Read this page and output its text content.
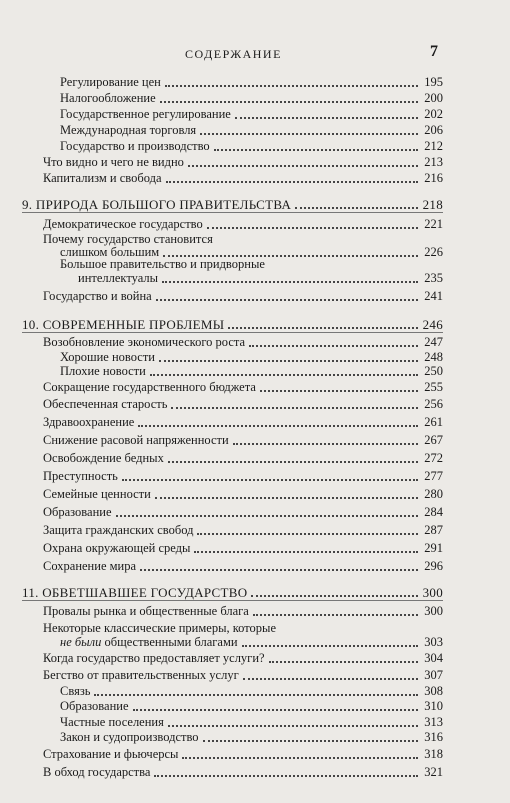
СОДЕРЖАНИЕ	7
Регулирование цен	195
Налогообложение	200
Государственное регулирование	202
Международная торговля	206
Государство и производство	212
Что видно и чего не видно	213
Капитализм и свобода	216
9. ПРИРОДА БОЛЬШОГО ПРАВИТЕЛЬСТВА	218
Демократическое государство	221
Почему государство становится
слишком большим	226
Большое правительство и придворные
интеллектуалы	235
Государство и война	241
10. СОВРЕМЕННЫЕ ПРОБЛЕМЫ	246
Возобновление экономического роста	247
Хорошие новости	248
Плохие новости	250
Сокращение государственного бюджета	255
Обеспеченная старость	256
Здравоохранение	261
Снижение расовой напряженности	267
Освобождение бедных	272
Преступность	277
Семейные ценности	280
Образование	284
Защита гражданских свобод	287
Охрана окружающей среды	291
Сохранение мира	296
11. ОБВЕТШАВШЕЕ ГОСУДАРСТВО	300
Провалы рынка и общественные блага	300
Некоторые классические примеры, которые
не были общественными благами	303
Когда государство предоставляет услуги?	304
Бегство от правительственных услуг	307
Связь	308
Образование	310
Частные поселения	313
Закон и судопроизводство	316
Страхование и фьючерсы	318
В обход государства	321
